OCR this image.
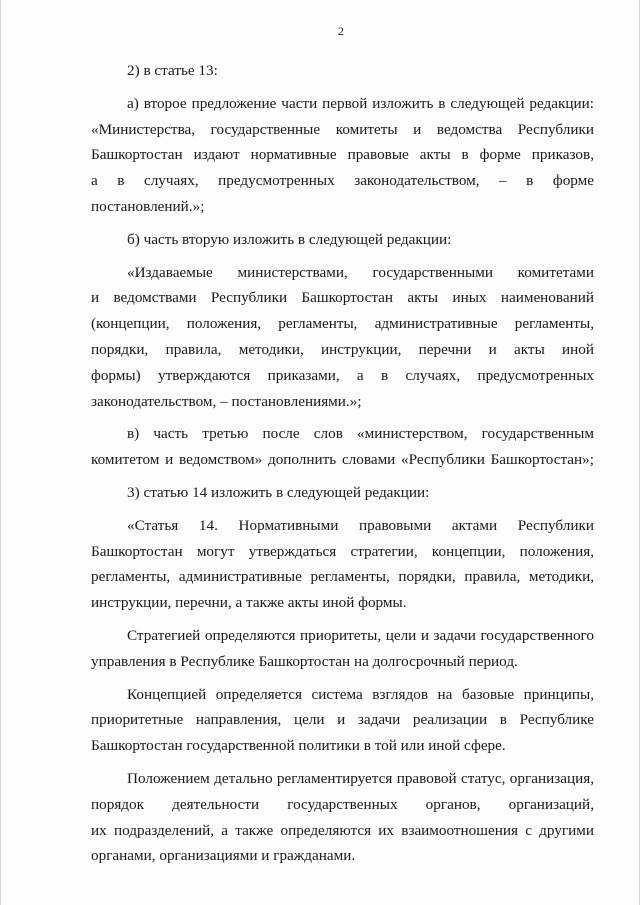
2
2) в статье 13:
а) второе предложение части первой изложить в следующей редакции:
«Министерства, государственные комитеты и ведомства Республики
Башкортостан издают нормативные правовые акты в форме приказов,
а в случаях, предусмотренных законодательством, – в форме
постановлений.»;
б) часть вторую изложить в следующей редакции:
«Издаваемые министерствами, государственными комитетами
и ведомствами Республики Башкортостан акты иных наименований
(концепции, положения, регламенты, административные регламенты,
порядки, правила, методики, инструкции, перечни и акты иной
формы) утверждаются приказами, а в случаях, предусмотренных
законодательством, – постановлениями.»;
в) часть третью после слов «министерством, государственным
комитетом и ведомством» дополнить словами «Республики Башкортостан»;
3) статью 14 изложить в следующей редакции:
«Статья 14. Нормативными правовыми актами Республики
Башкортостан могут утверждаться стратегии, концепции, положения,
регламенты, административные регламенты, порядки, правила, методики,
инструкции, перечни, а также акты иной формы.
Стратегией определяются приоритеты, цели и задачи государственного
управления в Республике Башкортостан на долгосрочный период.
Концепцией определяется система взглядов на базовые принципы,
приоритетные направления, цели и задачи реализации в Республике
Башкортостан государственной политики в той или иной сфере.
Положением детально регламентируется правовой статус, организация,
порядок деятельности государственных органов, организаций,
их подразделений, а также определяются их взаимоотношения с другими
органами, организациями и гражданами.
